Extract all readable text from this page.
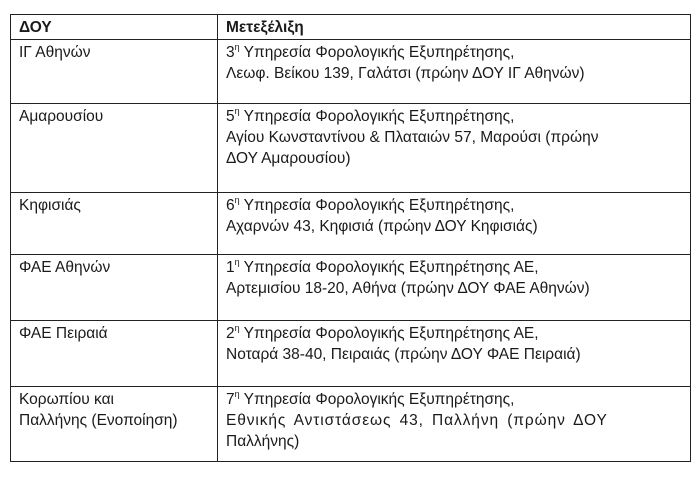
ΔΟΥ	Μετεξέλιξη

ΙΓ Αθηνών	$3^\eta$ Υπηρεσία Φορολογικής Εξυπηρέτησης,
Λεωφ. Βείκου 139, Γαλάτσι (πρώην ΔΟΥ ΙΓ Αθηνών)

Αμαρουσίου	$5^\eta$ Υπηρεσία Φορολογικής Εξυπηρέτησης,
Αγίου Κωνσταντίνου & Πλαταιών 57, Μαρούσι (πρώην
ΔΟΥ Αμαρουσίου)

Κηφισιάς	$6^\eta$ Υπηρεσία Φορολογικής Εξυπηρέτησης,
Αχαρνών 43, Κηφισιά (πρώην ΔΟΥ Κηφισιάς)

ΦΑΕ Αθηνών	$1^\eta$ Υπηρεσία Φορολογικής Εξυπηρέτησης ΑΕ,
Αρτεμισίου 18-20, Αθήνα (πρώην ΔΟΥ ΦΑΕ Αθηνών)

ΦΑΕ Πειραιά	$2^\eta$ Υπηρεσία Φορολογικής Εξυπηρέτησης ΑΕ,
Νοταρά 38-40, Πειραιάς (πρώην ΔΟΥ ΦΑΕ Πειραιά)

Κορωπίου και
Παλλήνης (Ενοποίηση)	$7^\eta$ Υπηρεσία Φορολογικής Εξυπηρέτησης,
Εθνικής Αντιστάσεως 43, Παλλήνη (πρώην ΔΟΥ
Παλλήνης)
